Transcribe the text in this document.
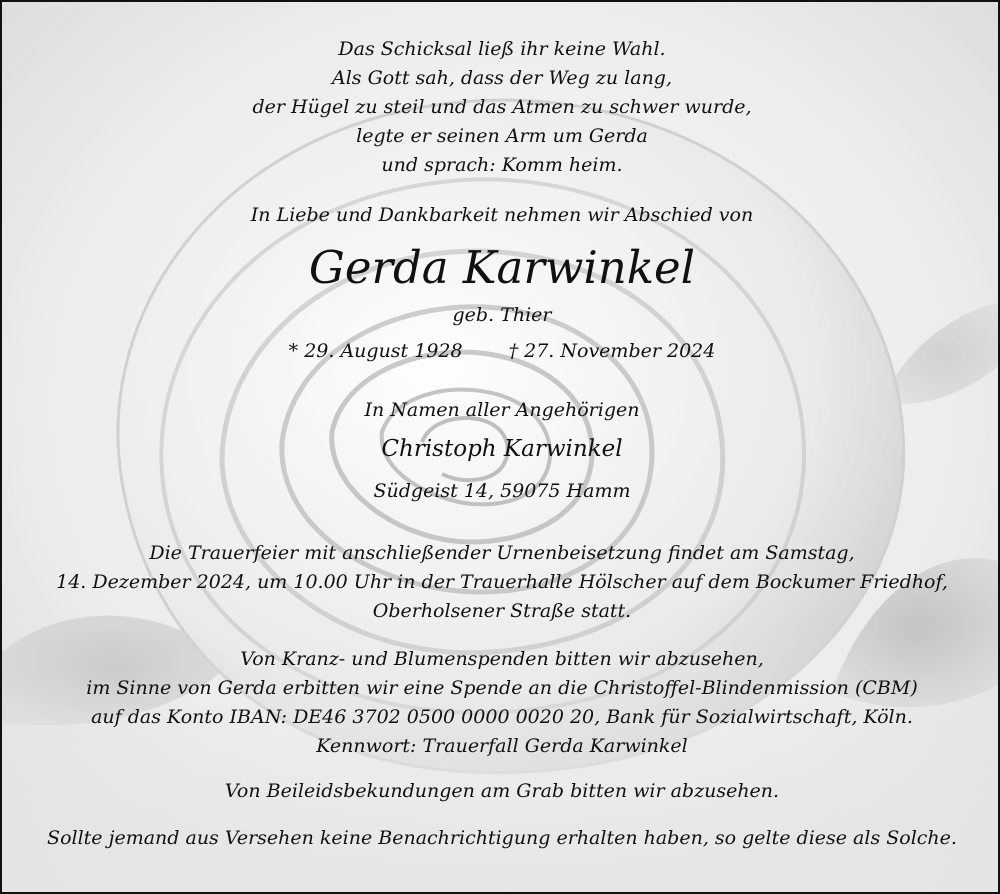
Das Schicksal ließ ihr keine Wahl.
Als Gott sah, dass der Weg zu lang,
der Hügel zu steil und das Atmen zu schwer wurde,
legte er seinen Arm um Gerda
und sprach: Komm heim.
In Liebe und Dankbarkeit nehmen wir Abschied von
Gerda Karwinkel
geb. Thier
* 29. August 1928 † 27. November 2024
In Namen aller Angehörigen
Christoph Karwinkel
Südgeist 14, 59075 Hamm
Die Trauerfeier mit anschließender Urnenbeisetzung findet am Samstag,
14. Dezember 2024, um 10.00 Uhr in der Trauerhalle Hölscher auf dem Bockumer Friedhof,
Oberholsener Straße statt.
Von Kranz- und Blumenspenden bitten wir abzusehen,
im Sinne von Gerda erbitten wir eine Spende an die Christoffel-Blindenmission (CBM)
auf das Konto IBAN: DE46 3702 0500 0000 0020 20, Bank für Sozialwirtschaft, Köln.
Kennwort: Trauerfall Gerda Karwinkel
Von Beileidsbekundungen am Grab bitten wir abzusehen.
Sollte jemand aus Versehen keine Benachrichtigung erhalten haben, so gelte diese als Solche.
